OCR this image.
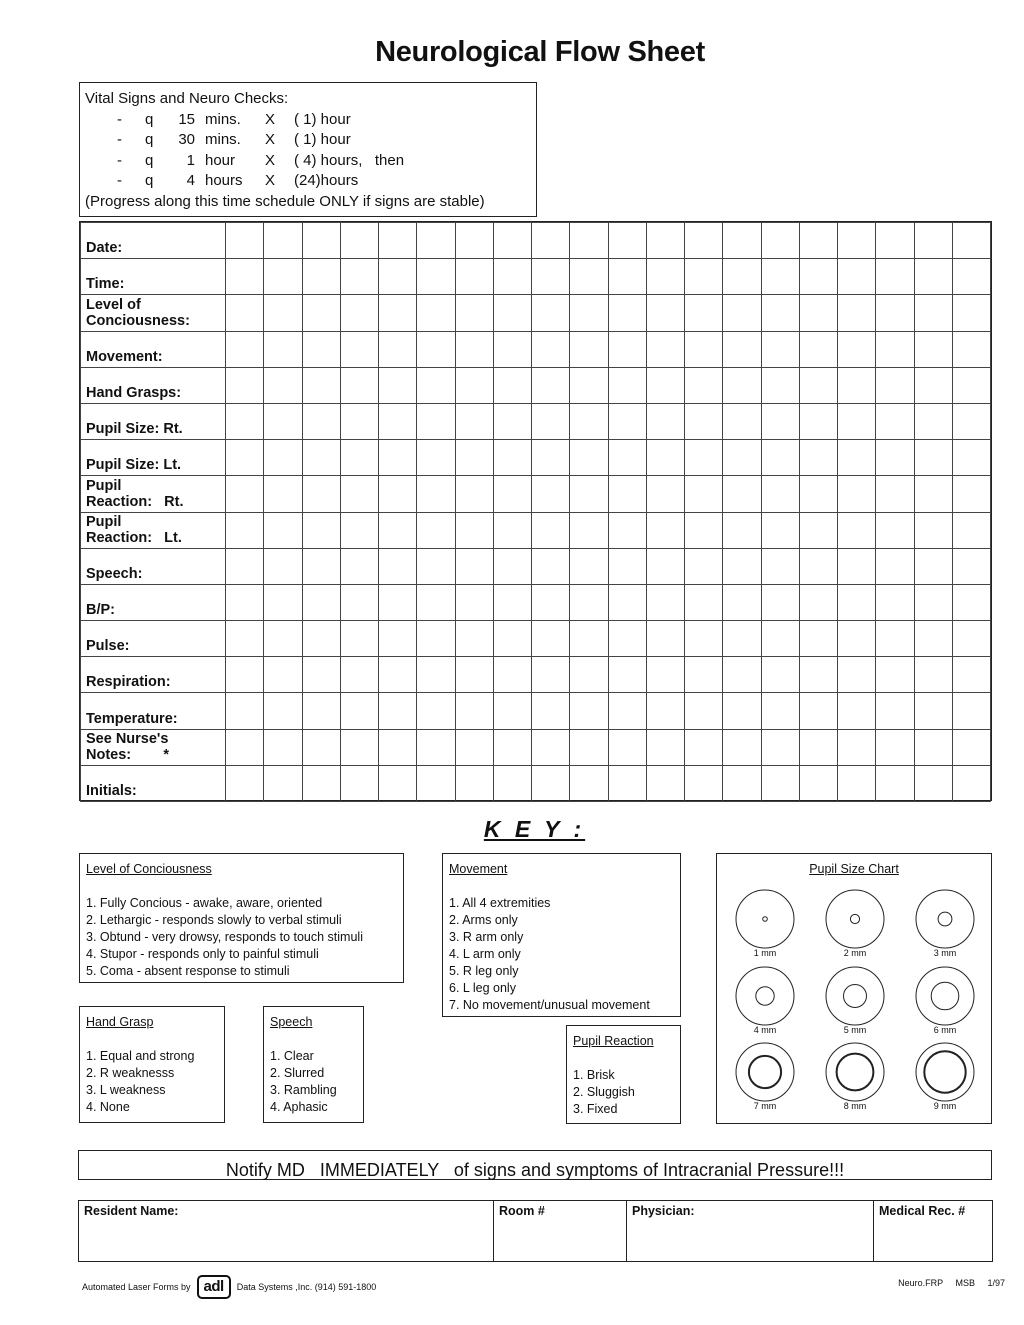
Neurological Flow Sheet
Vital Signs and Neuro Checks:
- q	15 mins. X ( 1) hour
- q	30 mins. X ( 1) hour
- q	1 hour X ( 4) hours,   then
- q	4 hours X (24)hours
(Progress along this time schedule ONLY if signs are stable)
Date:																				
Time:																				
Level of
Conciousness:																				
Movement:																				
Hand Grasps:																				
Pupil Size: Rt.																				
Pupil Size: Lt.																				
Pupil
Reaction:   Rt.																				
Pupil
Reaction:   Lt.																				
Speech:																				
B/P:																				
Pulse:																				
Respiration:																				
Temperature:																				
See Nurse's
Notes:        *																				
Initials:																				
K E Y :
Level of Conciousness
1. Fully Concious - awake, aware, oriented
2. Lethargic - responds slowly to verbal stimuli
3. Obtund - very drowsy, responds to touch stimuli
4. Stupor - responds only to painful stimuli
5. Coma - absent response to stimuli
Movement
1. All 4 extremities
2. Arms only
3. R arm only
4. L arm only
5. R leg only
6. L leg only
7. No movement/unusual movement
Hand Grasp
1. Equal and strong
2. R weaknesss
3. L weakness
4. None
Speech
1. Clear
2. Slurred
3. Rambling
4. Aphasic
Pupil Reaction
1. Brisk
2. Sluggish
3. Fixed
Pupil Size Chart
1 mm	2 mm	3 mm
4 mm	5 mm	6 mm
7 mm	8 mm	9 mm
Notify MD   IMMEDIATELY   of signs and symptoms of Intracranial Pressure!!!
Resident Name:	Room #	Physician:	Medical Rec. #
Automated Laser Forms by adl	Data Systems ,Inc. (914) 591-1800	Neuro.FRP MSB 1/97
